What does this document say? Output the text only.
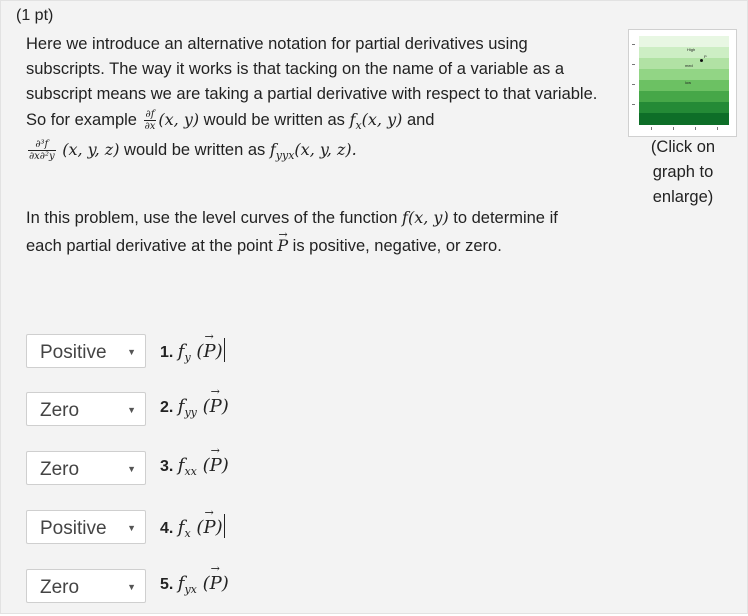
(1 pt)

Here we introduce an alternative notation for partial derivatives using subscripts. The way it works is that tacking on the name of a variable as a subscript means we are taking a partial derivative with respect to that variable. So for example $\frac{\partial f}{\partial x} (x$, y) would be written as $f_x(x$, y) and

$\frac{\text{∂³f}}{\text{∂x∂²y}} (x$, y, z) would be written as $f_{yyx}(x$, y, z).

In this problem, use the level curves of the function f(x, y) to determine if each partial derivative at the point → P is positive, negative, or zero.

High
med
low
P
(Click on graph to enlarge)
Positive ▼ 1. $f_y$ (→ P)
Zero	▼ 2. $f_{yy}$ (→ P)
Zero	▼ 3. $f_{xx}$ (→ P)
Positive ▼ 4. $f_x$ (→ P)
Zero	▼ 5. $f_{yx}$ (→ P)
